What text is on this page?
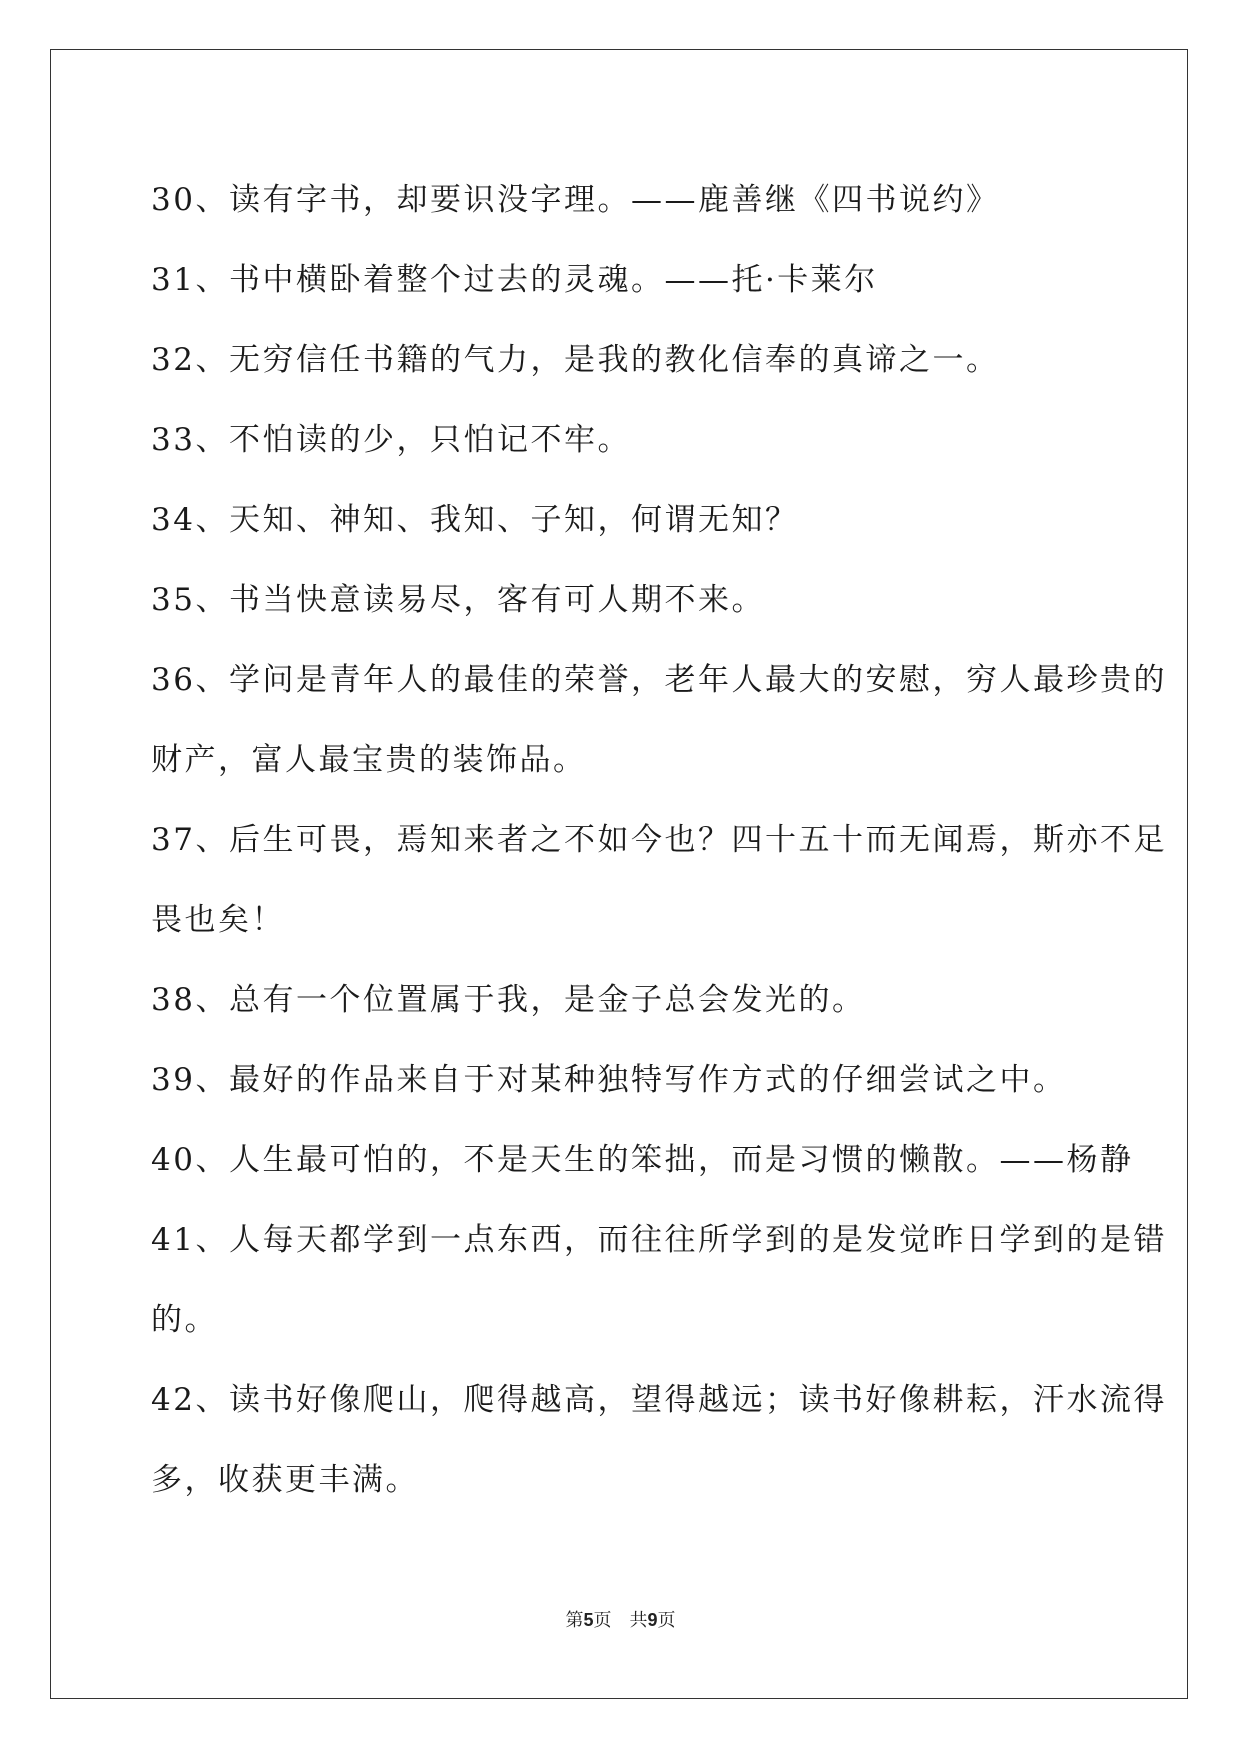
30、读有字书，却要识没字理。——鹿善继《四书说约》
31、书中横卧着整个过去的灵魂。——托·卡莱尔
32、无穷信任书籍的气力，是我的教化信奉的真谛之一。
33、不怕读的少，只怕记不牢。
34、天知、神知、我知、子知，何谓无知？
35、书当快意读易尽，客有可人期不来。
36、学问是青年人的最佳的荣誉，老年人最大的安慰，穷人最珍贵的
财产，富人最宝贵的装饰品。
37、后生可畏，焉知来者之不如今也？四十五十而无闻焉，斯亦不足
畏也矣！
38、总有一个位置属于我，是金子总会发光的。
39、最好的作品来自于对某种独特写作方式的仔细尝试之中。
40、人生最可怕的，不是天生的笨拙，而是习惯的懒散。——杨静
41、人每天都学到一点东西，而往往所学到的是发觉昨日学到的是错
的。
42、读书好像爬山，爬得越高，望得越远；读书好像耕耘，汗水流得
多，收获更丰满。
第5页 共9页
